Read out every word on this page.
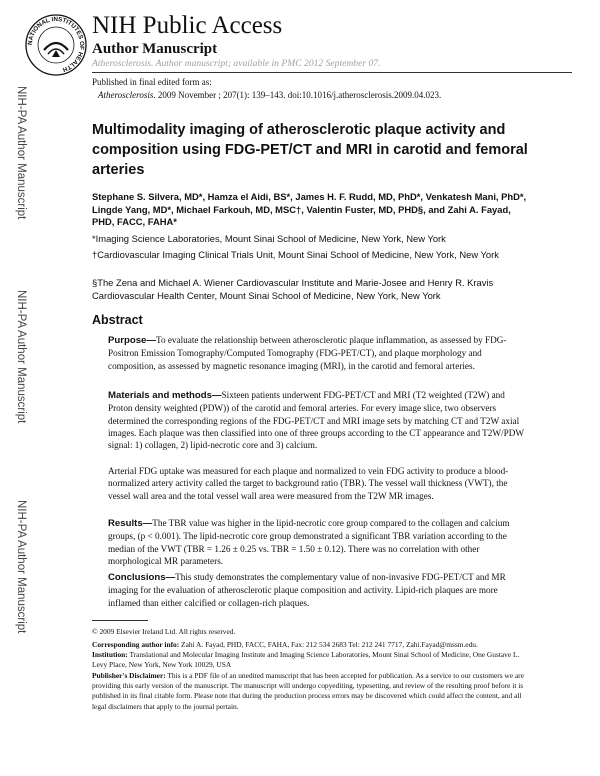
NATIONAL INSTITUTES OF HEALTH
NIH Public Access
Author Manuscript
Atherosclerosis. Author manuscript; available in PMC 2012 September 07.
Published in final edited form as:
Atherosclerosis. 2009 November ; 207(1): 139–143. doi:10.1016/j.atherosclerosis.2009.04.023.
NIH-PA Author Manuscript
NIH-PA Author Manuscript
NIH-PA Author Manuscript
Multimodality imaging of atherosclerotic plaque activity and composition using FDG-PET/CT and MRI in carotid and femoral arteries
Stephane S. Silvera, MD*, Hamza el Aidi, BS*, James H. F. Rudd, MD, PhD*, Venkatesh Mani, PhD*, Lingde Yang, MD*, Michael Farkouh, MD, MSC†, Valentin Fuster, MD, PHD§, and Zahi A. Fayad, PHD, FACC, FAHA*
*Imaging Science Laboratories, Mount Sinai School of Medicine, New York, New York
†Cardiovascular Imaging Clinical Trials Unit, Mount Sinai School of Medicine, New York, New York
§The Zena and Michael A. Wiener Cardiovascular Institute and Marie-Josee and Henry R. Kravis Cardiovascular Health Center, Mount Sinai School of Medicine, New York, New York
Abstract
Purpose—To evaluate the relationship between atherosclerotic plaque inflammation, as assessed by FDG-Positron Emission Tomography/Computed Tomography (FDG-PET/CT), and plaque morphology and composition, as assessed by magnetic resonance imaging (MRI), in the carotid and femoral arteries.
Materials and methods—Sixteen patients underwent FDG-PET/CT and MRI (T2 weighted (T2W) and Proton density weighted (PDW)) of the carotid and femoral arteries. For every image slice, two observers determined the corresponding regions of the FDG-PET/CT and MRI image sets by matching CT and T2W axial images. Each plaque was then classified into one of three groups according to the CT appearance and T2W/PDW signal: 1) collagen, 2) lipid-necrotic core and 3) calcium.
Arterial FDG uptake was measured for each plaque and normalized to vein FDG activity to produce a blood-normalized artery activity called the target to background ratio (TBR). The vessel wall thickness (VWT), the vessel wall area and the total vessel wall area were measured from the T2W MR images.
Results—The TBR value was higher in the lipid-necrotic core group compared to the collagen and calcium groups, (p < 0.001). The lipid-necrotic core group demonstrated a significant TBR variation according to the median of the VWT (TBR = 1.26 ± 0.25 vs. TBR = 1.50 ± 0.12). There was no correlation with other morphological MR parameters.
Conclusions—This study demonstrates the complementary value of non-invasive FDG-PET/CT and MR imaging for the evaluation of atherosclerotic plaque composition and activity. Lipid-rich plaques are more inflamed than either calcified or collagen-rich plaques.
© 2009 Elsevier Ireland Ltd. All rights reserved.
Corresponding author info: Zahi A. Fayad, PHD, FACC, FAHA, Fax: 212 534 2683 Tel: 212 241 7717, Zahi.Fayad@mssm.edu.
Institution: Translational and Molecular Imaging Institute and Imaging Science Laboratories, Mount Sinai School of Medicine, One Gustave L. Levy Place, New York, New York 10029, USA
Publisher's Disclaimer: This is a PDF file of an unedited manuscript that has been accepted for publication. As a service to our customers we are providing this early version of the manuscript. The manuscript will undergo copyediting, typesetting, and review of the resulting proof before it is published in its final citable form. Please note that during the production process errors may be discovered which could affect the content, and all legal disclaimers that apply to the journal pertain.
